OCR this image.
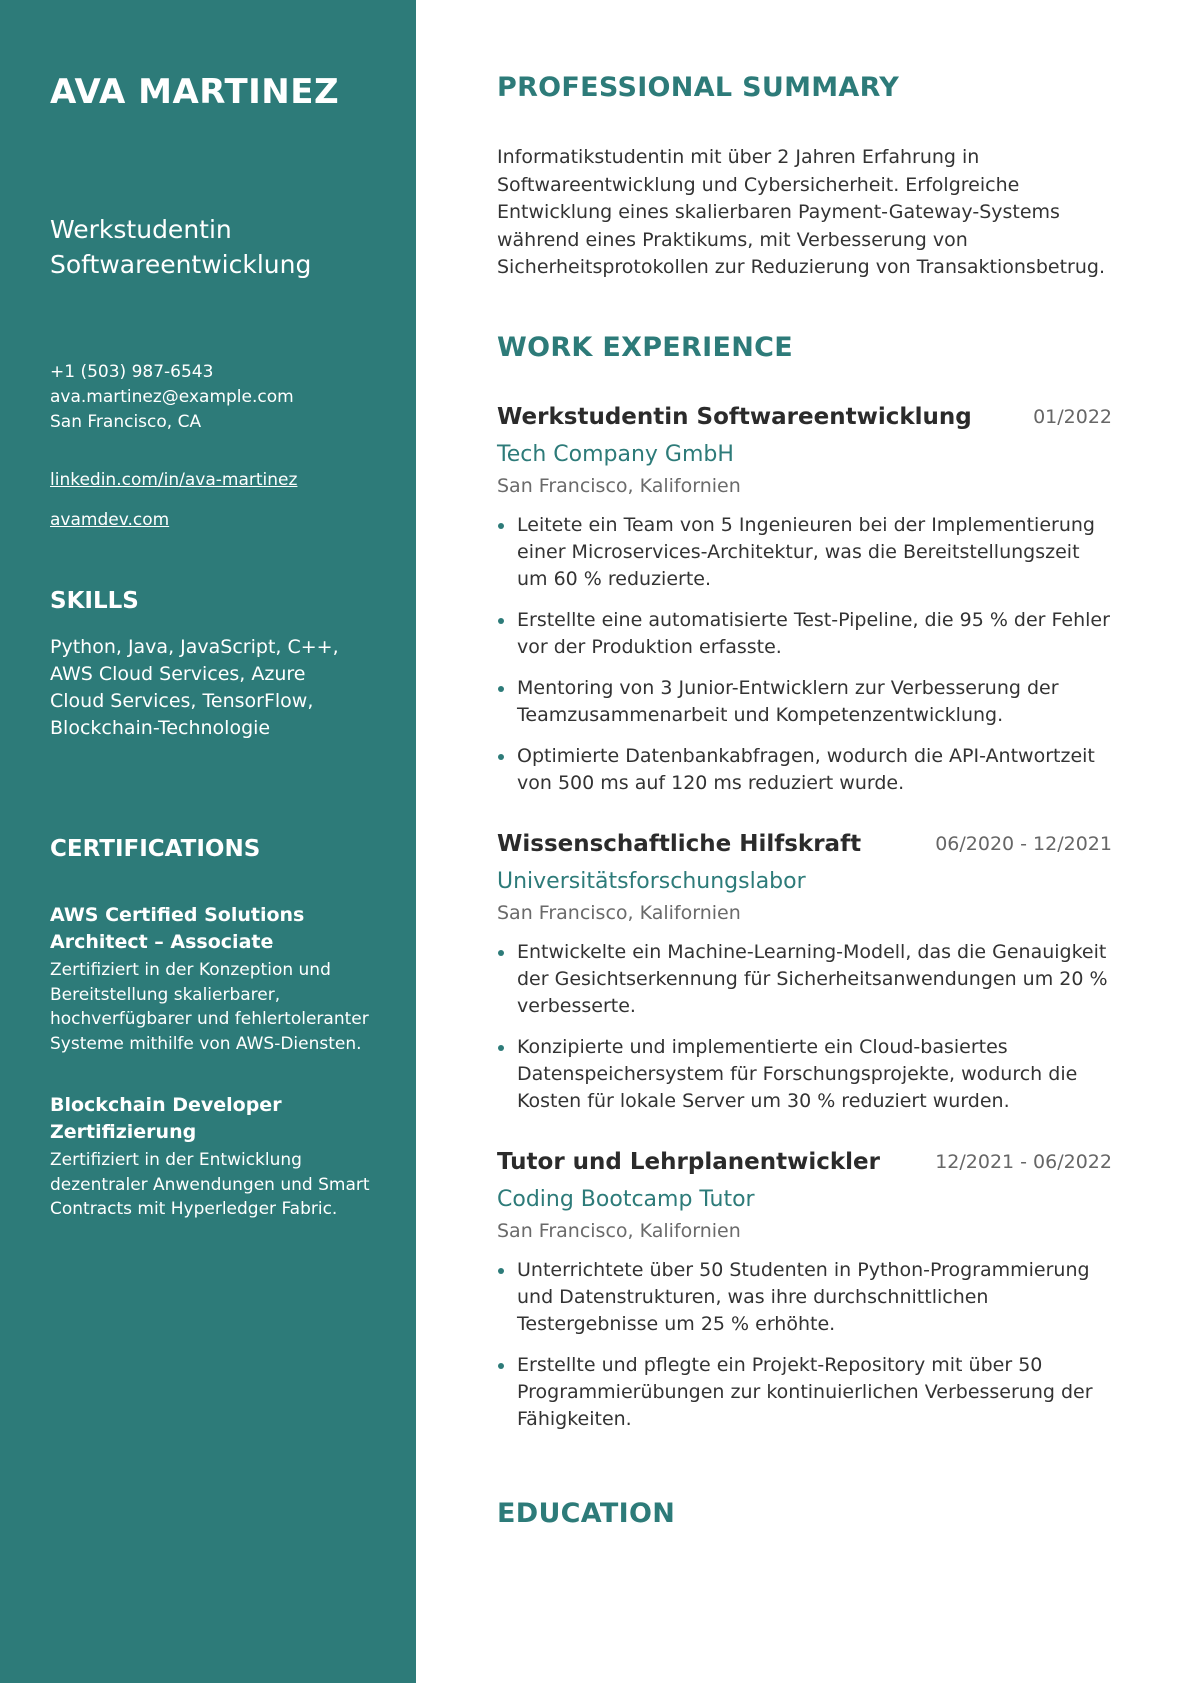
AVA MARTINEZ
Werkstudentin
Softwareentwicklung
+1 (503) 987-6543
ava.martinez@example.com
San Francisco, CA
linkedin.com/in/ava-martinez
avamdev.com
SKILLS
Python, Java, JavaScript, C++, AWS Cloud Services, Azure Cloud Services, TensorFlow, Blockchain-Technologie
CERTIFICATIONS
AWS Certified Solutions Architect – Associate
Zertifiziert in der Konzeption und Bereitstellung skalierbarer, hochverfügbarer und fehlertoleranter Systeme mithilfe von AWS-Diensten.
Blockchain Developer Zertifizierung
Zertifiziert in der Entwicklung dezentraler Anwendungen und Smart Contracts mit Hyperledger Fabric.
PROFESSIONAL SUMMARY
Informatikstudentin mit über 2 Jahren Erfahrung in Softwareentwicklung und Cybersicherheit. Erfolgreiche Entwicklung eines skalierbaren Payment-Gateway-Systems während eines Praktikums, mit Verbesserung von Sicherheitsprotokollen zur Reduzierung von Transaktionsbetrug.
WORK EXPERIENCE
Werkstudentin Softwareentwicklung	01/2022
Tech Company GmbH
San Francisco, Kalifornien
Leitete ein Team von 5 Ingenieuren bei der Implementierung einer Microservices-Architektur, was die Bereitstellungszeit um 60 % reduzierte.
Erstellte eine automatisierte Test-Pipeline, die 95 % der Fehler vor der Produktion erfasste.
Mentoring von 3 Junior-Entwicklern zur Verbesserung der Teamzusammenarbeit und Kompetenzentwicklung.
Optimierte Datenbankabfragen, wodurch die API-Antwortzeit von 500 ms auf 120 ms reduziert wurde.
Wissenschaftliche Hilfskraft	06/2020 - 12/2021
Universitätsforschungslabor
San Francisco, Kalifornien
Entwickelte ein Machine-Learning-Modell, das die Genauigkeit der Gesichtserkennung für Sicherheitsanwendungen um 20 % verbesserte.
Konzipierte und implementierte ein Cloud-basiertes Datenspeichersystem für Forschungsprojekte, wodurch die Kosten für lokale Server um 30 % reduziert wurden.
Tutor und Lehrplanentwickler	12/2021 - 06/2022
Coding Bootcamp Tutor
San Francisco, Kalifornien
Unterrichtete über 50 Studenten in Python-Programmierung und Datenstrukturen, was ihre durchschnittlichen Testergebnisse um 25 % erhöhte.
Erstellte und pflegte ein Projekt-Repository mit über 50 Programmierübungen zur kontinuierlichen Verbesserung der Fähigkeiten.
EDUCATION
